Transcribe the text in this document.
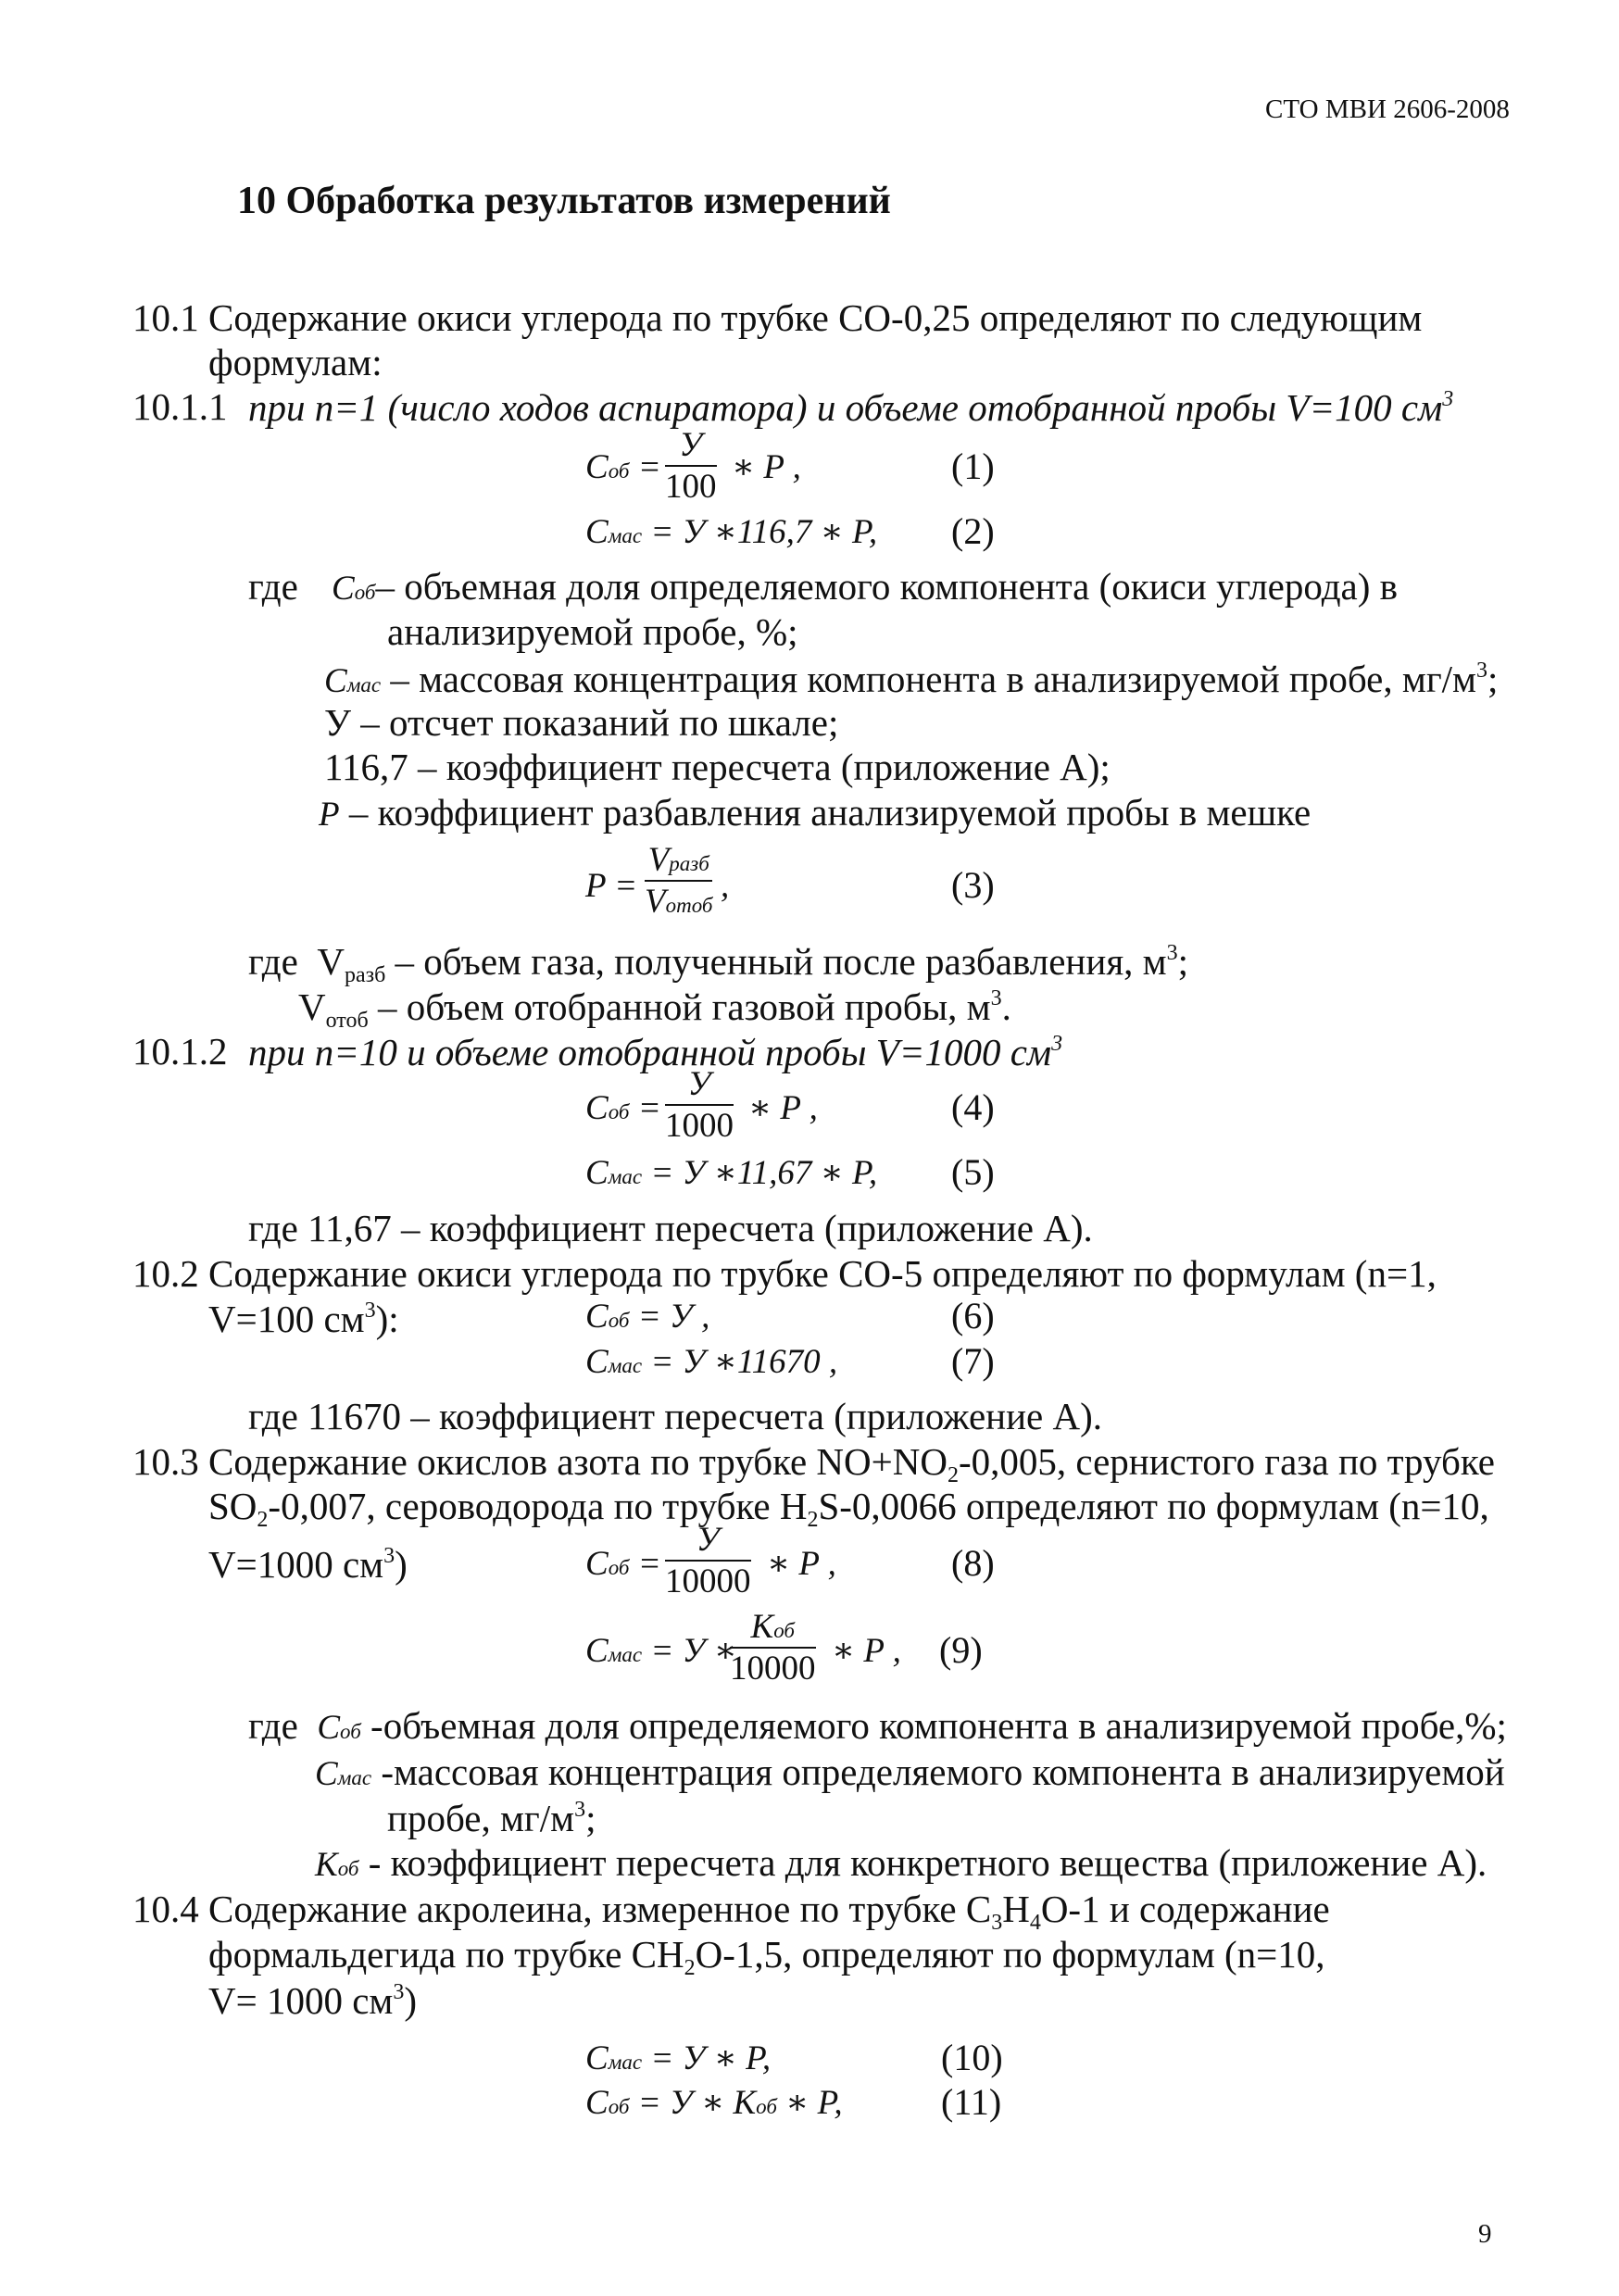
СТО МВИ 2606-2008
10 Обработка результатов измерений
10.1 Содержание окиси углерода по трубке СО-0,25 определяют по следующим
формулам:
10.1.1 при n=1 (число ходов аспиратора) и объеме отобранной пробы V=100 $см^3$
Cоб =
У
100
∗ P ,	(1)
Cмас = У ∗116,7 ∗ P, (2)
где Cоб– объемная доля определяемого компонента (окиси углерода) в
анализируемой пробе, %;
Cмас – массовая концентрация компонента в анализируемой пробе, $мг/м^3$;
У – отсчет показаний по шкале;
116,7 – коэффициент пересчета (приложение А);
P – коэффициент разбавления анализируемой пробы в мешке
P =
Vразб
Vотоб
,	(3)
где $V_{разб}$ – объем газа, полученный после разбавления, $м^3$;
$V_{отоб}$ – объем отобранной газовой пробы, $м^3$.
10.1.2 при n=10 и объеме отобранной пробы V=1000 $см^3$
Cоб =
У
1000 ∗ P ,	(4)
Cмас = У ∗11,67 ∗ P, (5)
где 11,67 – коэффициент пересчета (приложение А).
10.2 Содержание окиси углерода по трубке СО-5 определяют по формулам (n=1,
V=100 $см^3$):	Cоб = У ,	(6)
Cмас = У ∗11670 ,	(7)
где 11670 – коэффициент пересчета (приложение А).
10.3 Содержание окислов азота по трубке $NO+NO_2-0,005$, сернистого газа по трубке
$SO_2-0,007$, сероводорода по трубке $H_2S-0,0066$ определяют по формулам (n=10,
V=1000 $см^3$)	Cоб =
У
10000 ∗ P ,	(8)
Cмас = У ∗
Kоб
10000 ∗ P , (9)
где Cоб -объемная доля определяемого компонента в анализируемой пробе,%;
Cмас -массовая концентрация определяемого компонента в анализируемой
пробе, $мг/м^3$;
Kоб - коэффициент пересчета для конкретного вещества (приложение А).
10.4 Содержание акролеина, измеренное по трубке $C_3H_4O-1$ и содержание
формальдегида по трубке $CH_2O-1,5$, определяют по формулам (n=10,
V= 1000 $см^3$)
Cмас = У ∗ P,	(10)
Cоб = У ∗ Kоб ∗ P,	(11)
9
